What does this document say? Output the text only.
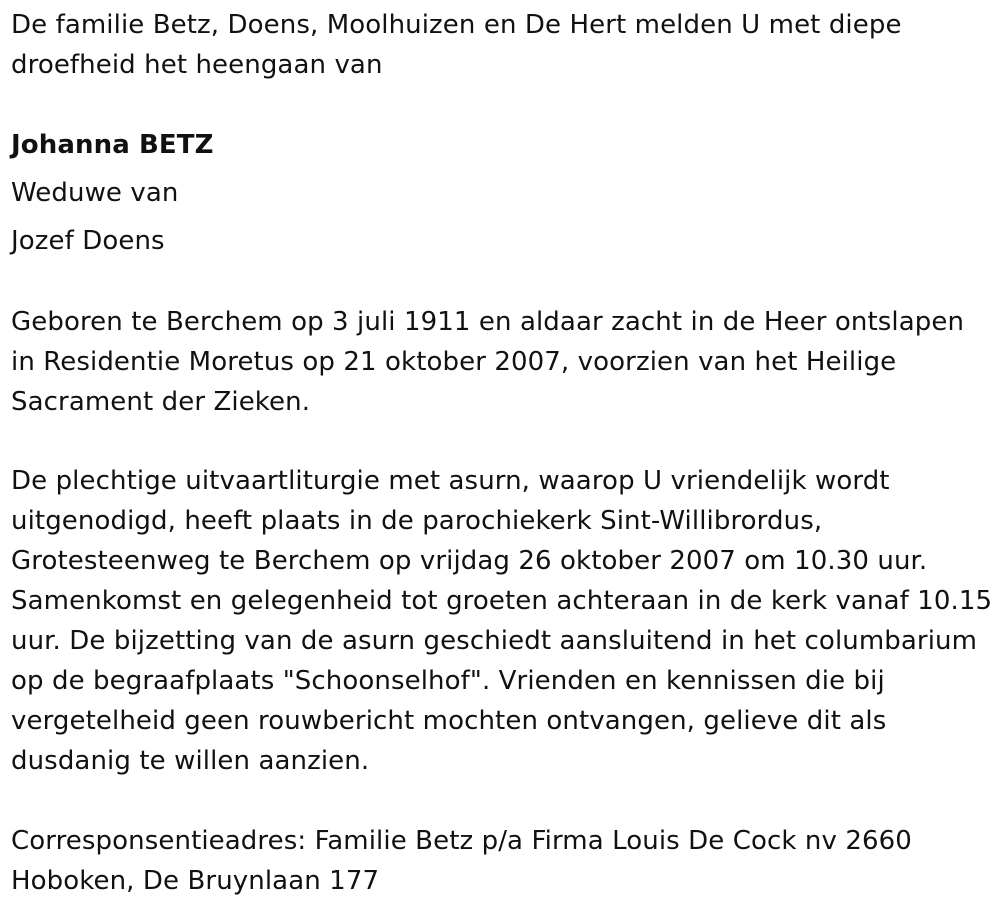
De familie Betz, Doens, Moolhuizen en De Hert melden U met diepe droefheid het heengaan van

Johanna BETZ

Weduwe van

Jozef Doens

Geboren te Berchem op 3 juli 1911 en aldaar zacht in de Heer ontslapen in Residentie Moretus op 21 oktober 2007, voorzien van het Heilige Sacrament der Zieken.

De plechtige uitvaartliturgie met asurn, waarop U vriendelijk wordt uitgenodigd, heeft plaats in de parochiekerk Sint-Willibrordus, Grotesteenweg te Berchem op vrijdag 26 oktober 2007 om 10.30 uur. Samenkomst en gelegenheid tot groeten achteraan in de kerk vanaf 10.15 uur. De bijzetting van de asurn geschiedt aansluitend in het columbarium op de begraafplaats "Schoonselhof". Vrienden en kennissen die bij vergetelheid geen rouwbericht mochten ontvangen, gelieve dit als dusdanig te willen aanzien.

Corresponsentieadres: Familie Betz p/a Firma Louis De Cock nv 2660 Hoboken, De Bruynlaan 177
